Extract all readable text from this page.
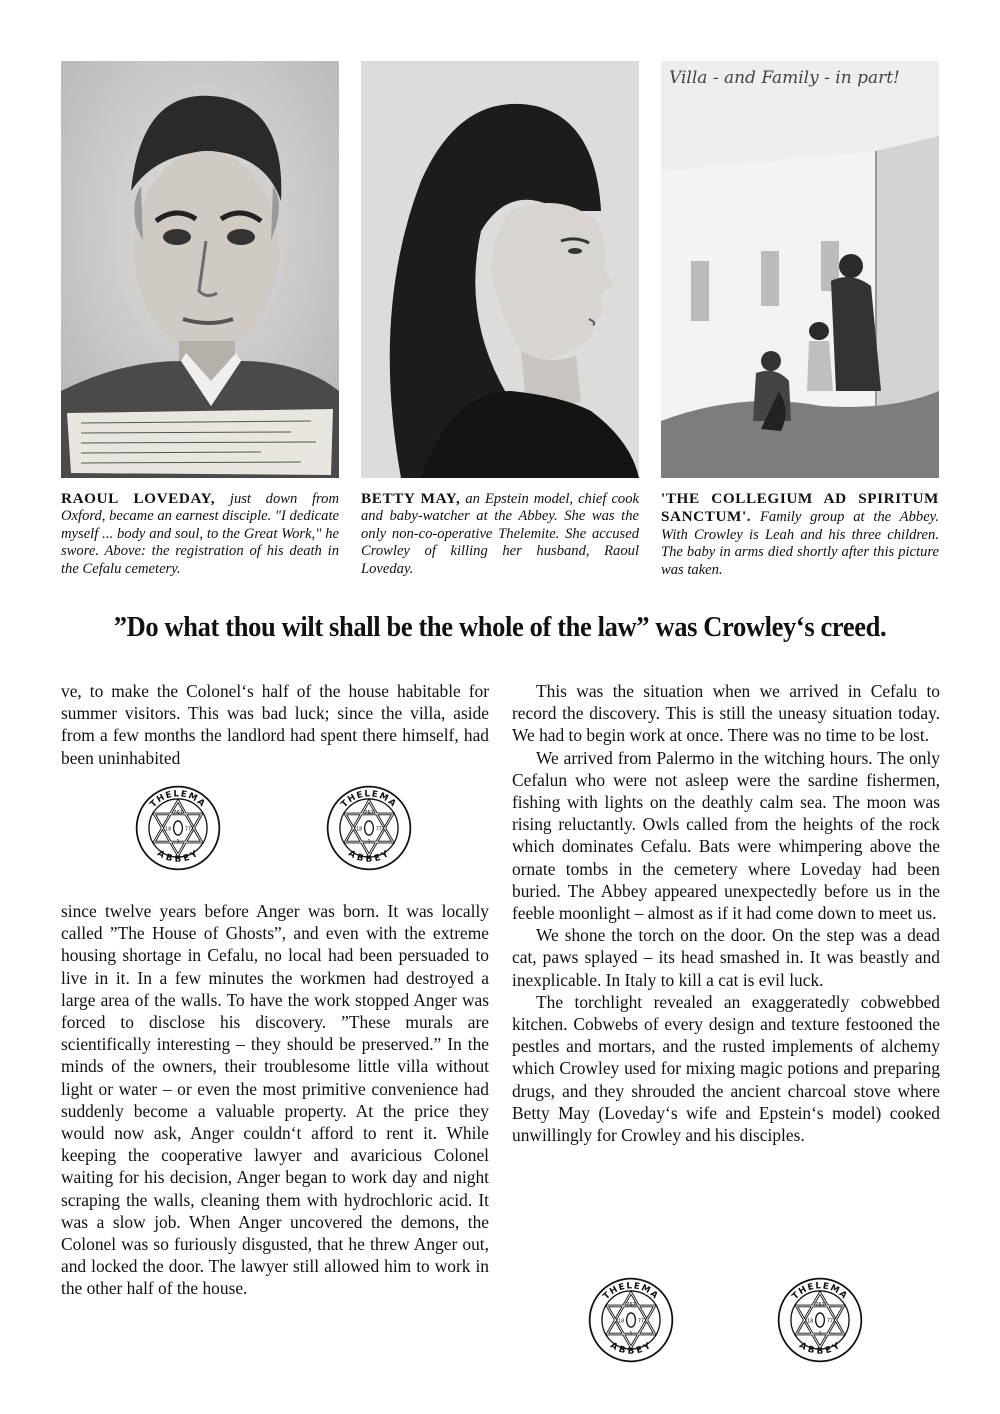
Villa - and Family - in part!
RAOUL LOVEDAY, just down from Oxford, became an earnest disciple. "I dedicate myself ... body and soul, to the Great Work," he swore. Above: the registration of his death in the Cefalu cemetery.
BETTY MAY, an Epstein model, chief cook and baby-watcher at the Abbey. She was the only non-co-operative Thelemite. She accused Crowley of killing her husband, Raoul Loveday.
'THE COLLEGIUM AD SPIRITUM SANCTUM'. Family group at the Abbey. With Crowley is Leah and his three children. The baby in arms died shortly after this picture was taken.
”Do what thou wilt shall be the whole of the law” was Crowley‘s creed.

ve, to make the Colonel‘s half of the house habitable for summer visitors. This was bad luck; since the villa, aside from a few months the landlord had spent there himself, had been uninhabited

since twelve years before Anger was born. It was locally called ”The House of Ghosts”, and even with the extreme housing shortage in Cefalu, no local had been persuaded to live in it. In a few minutes the workmen had destroyed a large area of the walls. To have the work stopped Anger was forced to disclose his discovery. ”These murals are scientifically interesting – they should be preserved.” In the minds of the owners, their troublesome little villa without light or water – or even the most primitive convenience had suddenly become a valuable property. At the price they would now ask, Anger couldn‘t afford to rent it. While keeping the cooperative lawyer and avaricious Colonel waiting for his decision, Anger began to work day and night scraping the walls, cleaning them with hydrochloric acid. It was a slow job. When Anger uncovered the demons, the Colonel was so furiously disgusted, that he threw Anger out, and locked the door. The lawyer still allowed him to work in the other half of the house.

This was the situation when we arrived in Cefalu to record the discovery. This is still the uneasy situation today. We had to begin work at once. There was no time to be lost.

We arrived from Palermo in the witching hours. The only Cefalun who were not asleep were the sardine fishermen, fishing with lights on the deathly calm sea. The moon was rising reluctantly. Owls called from the heights of the rock which dominates Cefalu. Bats were whimpering above the ornate tombs in the cemetery where Loveday had been buried. The Abbey appeared unexpectedly before us in the feeble moonlight – almost as if it had come down to meet us.

We shone the torch on the door. On the step was a dead cat, paws splayed – its head smashed in. It was beastly and inexplicable. In Italy to kill a cat is evil luck.

The torchlight revealed an exaggeratedly cobwebbed kitchen. Cobwebs of every design and texture festooned the pestles and mortars, and the rusted implements of alchemy which Crowley used for mixing magic potions and preparing drugs, and they shrouded the ancient charcoal stove where Betty May (Loveday‘s wife and Epstein‘s model) cooked unwillingly for Crowley and his disciples.

THELEMA
ABBEY
767
718 777
1
THELEMA
ABBEY
767
718 777
1
THELEMA
ABBEY
767
718 777
1
THELEMA
ABBEY
767
718 777
1
